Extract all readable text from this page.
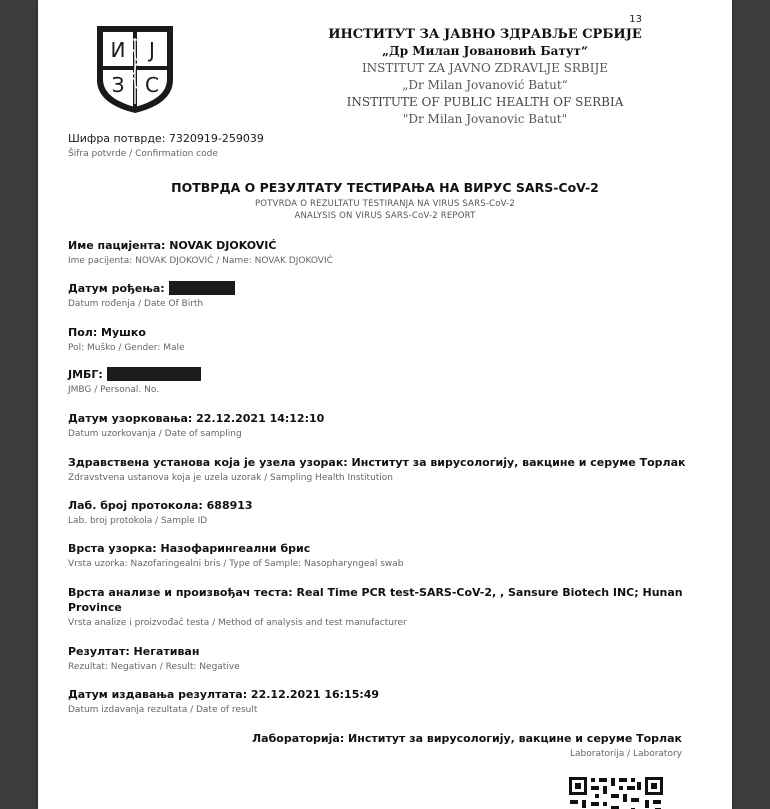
13
И Ј
З С
ИНСТИТУТ ЗА ЈАВНО ЗДРАВЉЕ СРБИЈЕ
„Др Милан Јовановић Батут“
INSTITUT ZA JAVNO ZDRAVLJE SRBIJE
„Dr Milan Jovanović Batut“
INSTITUTE OF PUBLIC HEALTH OF SERBIA
"Dr Milan Jovanovic Batut"
Шифра потврде: 7320919-259039
Šifra potvrde / Confirmation code
ПОТВРДА О РЕЗУЛТАТУ ТЕСТИРАЊА НА ВИРУС SARS-CoV-2
POTVRDA O REZULTATU TESTIRANJA NA VIRUS SARS-CoV-2
ANALYSIS ON VIRUS SARS-CoV-2 REPORT
Име пацијента: NOVAK DJOKOVIĆ
Ime pacijenta: NOVAK DJOKOVIĆ / Name: NOVAK DJOKOVIĆ
Датум рођења:
Datum rođenja / Date Of Birth
Пол: Мушко
Pol: Muško / Gender: Male
ЈМБГ:
JMBG / Personal. No.
Датум узорковања: 22.12.2021 14:12:10
Datum uzorkovanja / Date of sampling
Здравствена установа која је узела узорак: Институт за вирусологију, вакцине и серуме Торлак
Zdravstvena ustanova koja je uzela uzorak / Sampling Health Institution
Лаб. број протокола: 688913
Lab. broj protokola / Sample ID
Врста узорка: Назофарингеални брис
Vrsta uzorka: Nazofaringealni bris / Type of Sample: Nasopharyngeal swab
Врста анализе и произвођач теста: Real Time PCR test-SARS-CoV-2, , Sansure Biotech INC; Hunan Province
Vrsta analize i proizvođač testa / Method of analysis and test manufacturer
Резултат: Негативан
Rezultat: Negativan / Result: Negative
Датум издавања резултата: 22.12.2021 16:15:49
Datum izdavanja rezultata / Date of result
Лабораторија: Институт за вирусологију, вакцине и серуме Торлак
Laboratorija / Laboratory
